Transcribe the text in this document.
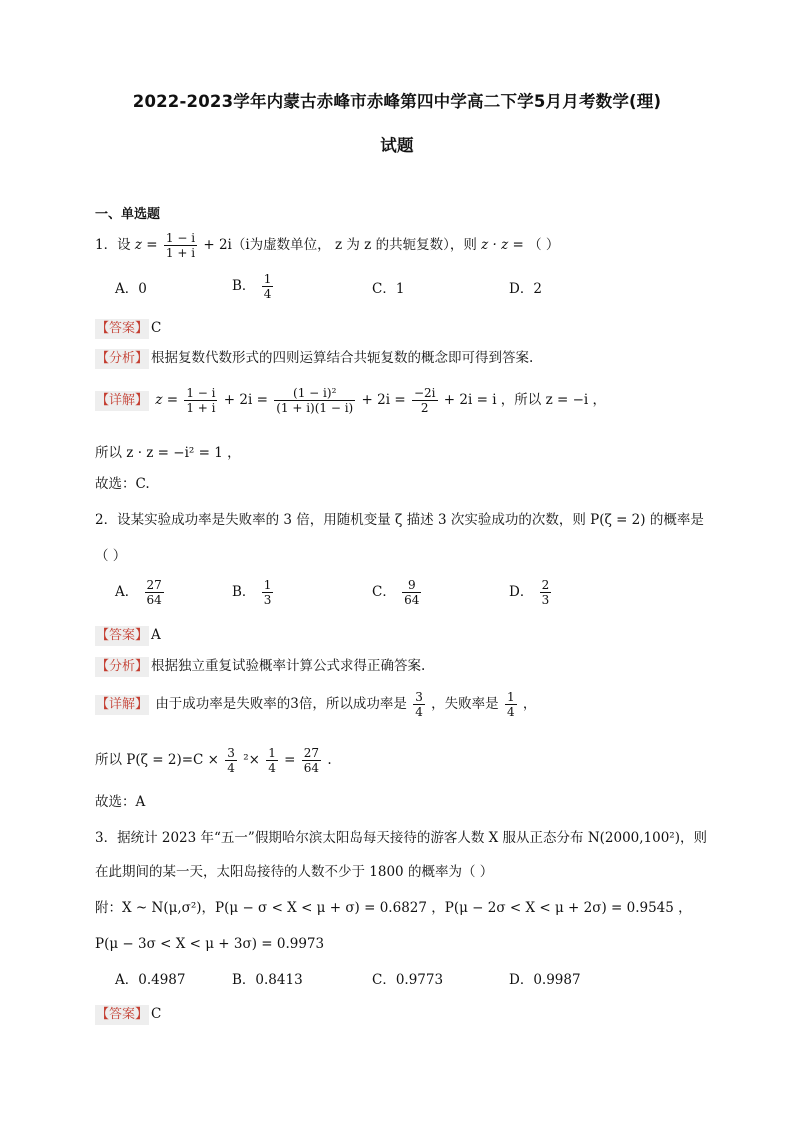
2022-2023学年内蒙古赤峰市赤峰第四中学高二下学5月月考数学(理)
试题
一、单选题
1．设 $z = \frac{1 - i}{1 + i} + 2i(i$为虚数单位， z 为 z 的共轭复数），则 z · z = （ ）
A．0	B． $\frac{1}{4}$	C．1	D．2
【答案】 C
【分析】 根据复数代数形式的四则运算结合共轭复数的概念即可得到答案.
【详解】 $z = \frac{1 - i}{1 + i} + 2i = \frac{\text{(1 − i)²}}{(1 + i)(1 - i)} + 2i = \frac{-2i}{2} + 2i = i$ ，所以 z = −i ，
所以 z · z = −i² = 1 ，
故选：C.
2．设某实验成功率是失败率的 3 倍，用随机变量 ζ 描述 3 次实验成功的次数，则 P(ζ = 2) 的概率是
（ ）
A． $\frac{27}{64}$	B． $\frac{1}{3}$	C． $\frac{9}{64}$	D． $\frac{2}{3}$
【答案】 A
【分析】 根据独立重复试验概率计算公式求得正确答案.
【详解】 由于成功率是失败率的3倍，所以成功率是 $\frac{3}{4}$ ，失败率是 $\frac{1}{4}$ ，
所以 $P(\zeta = 2)=C \times \frac{3}{4} ^2\times \frac{1}{4} = \frac{27}{64}$ .
故选：A
3．据统计 2023 年“五一”假期哈尔滨太阳岛每天接待的游客人数 X 服从正态分布 N(2000,100²)，则
在此期间的某一天，太阳岛接待的人数不少于 1800 的概率为（ ）
附：X ~ N(μ,σ²)，P(μ − σ < X < μ + σ) = 0.6827 ，P(μ − 2σ < X < μ + 2σ) = 0.9545 ，
P(μ − 3σ < X < μ + 3σ) = 0.9973
A．0.4987	B．0.8413	C．0.9773	D．0.9987
【答案】 C
